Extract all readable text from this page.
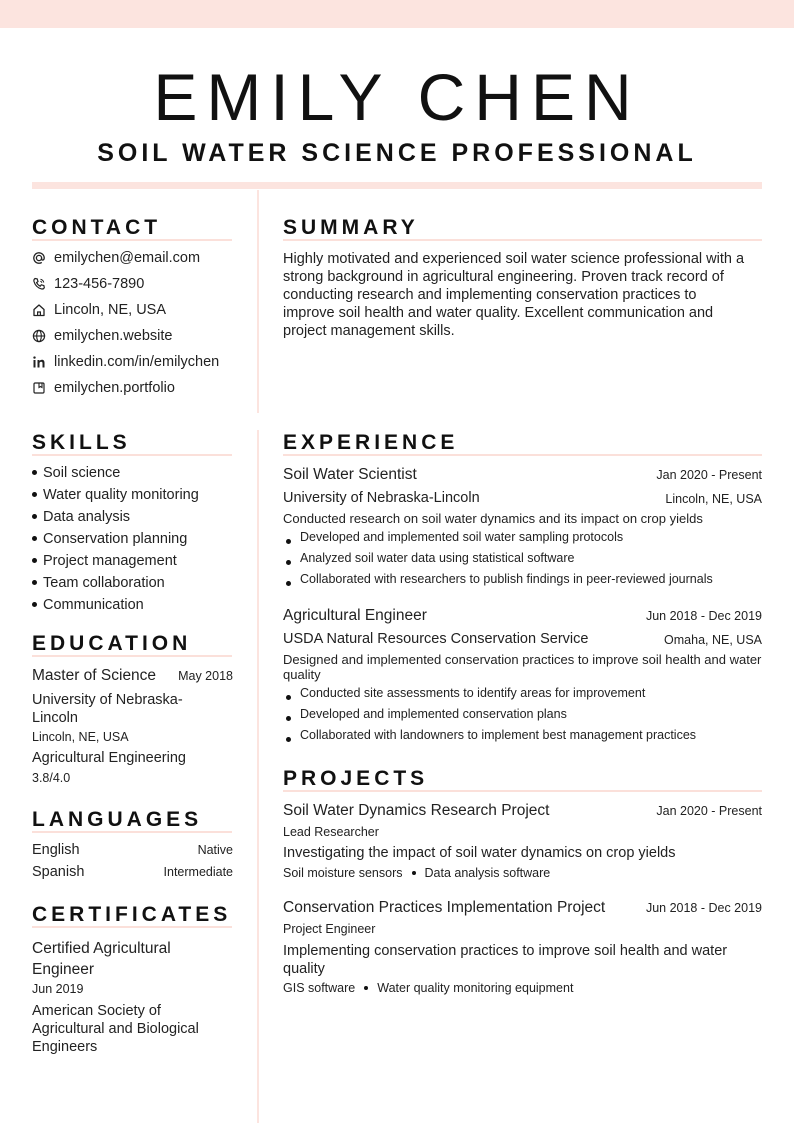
EMILY CHEN
SOIL WATER SCIENCE PROFESSIONAL
CONTACT
emilychen@email.com
123-456-7890
Lincoln, NE, USA
emilychen.website
linkedin.com/in/emilychen
emilychen.portfolio
SUMMARY
Highly motivated and experienced soil water science professional with a
strong background in agricultural engineering. Proven track record of
conducting research and implementing conservation practices to
improve soil health and water quality. Excellent communication and
project management skills.
SKILLS
Soil science
Water quality monitoring
Data analysis
Conservation planning
Project management
Team collaboration
Communication
EDUCATION
Master of Science	May 2018
University of Nebraska-
Lincoln
Lincoln, NE, USA
Agricultural Engineering
3.8/4.0
LANGUAGES
English	Native
Spanish	Intermediate
CERTIFICATES
Certified Agricultural
Engineer
Jun 2019
American Society of
Agricultural and Biological
Engineers
EXPERIENCE
Soil Water Scientist	Jan 2020 - Present
University of Nebraska-Lincoln	Lincoln, NE, USA
Conducted research on soil water dynamics and its impact on crop yields
Developed and implemented soil water sampling protocols
Analyzed soil water data using statistical software
Collaborated with researchers to publish findings in peer-reviewed journals
Agricultural Engineer	Jun 2018 - Dec 2019
USDA Natural Resources Conservation Service	Omaha, NE, USA
Designed and implemented conservation practices to improve soil health and water
quality
Conducted site assessments to identify areas for improvement
Developed and implemented conservation plans
Collaborated with landowners to implement best management practices
PROJECTS
Soil Water Dynamics Research Project	Jan 2020 - Present
Lead Researcher
Investigating the impact of soil water dynamics on crop yields
Soil moisture sensors Data analysis software
Conservation Practices Implementation Project	Jun 2018 - Dec 2019
Project Engineer
Implementing conservation practices to improve soil health and water
quality
GIS software Water quality monitoring equipment
